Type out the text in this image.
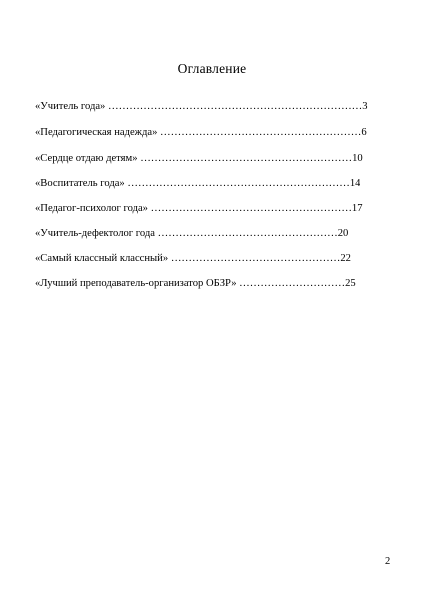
Оглавление
«Учитель года» ………………………………………………………………3
«Педагогическая надежда» …………………………………………………6
«Сердце отдаю детям» ……………………………………………………10
«Воспитатель года» ………………………………………………………14
«Педагог-психолог года» …………………………………………………17
«Учитель-дефектолог года ……………………………………………20
«Самый классный классный» …………………………………………22
«Лучший преподаватель-организатор ОБЗР» …………………………25
2
